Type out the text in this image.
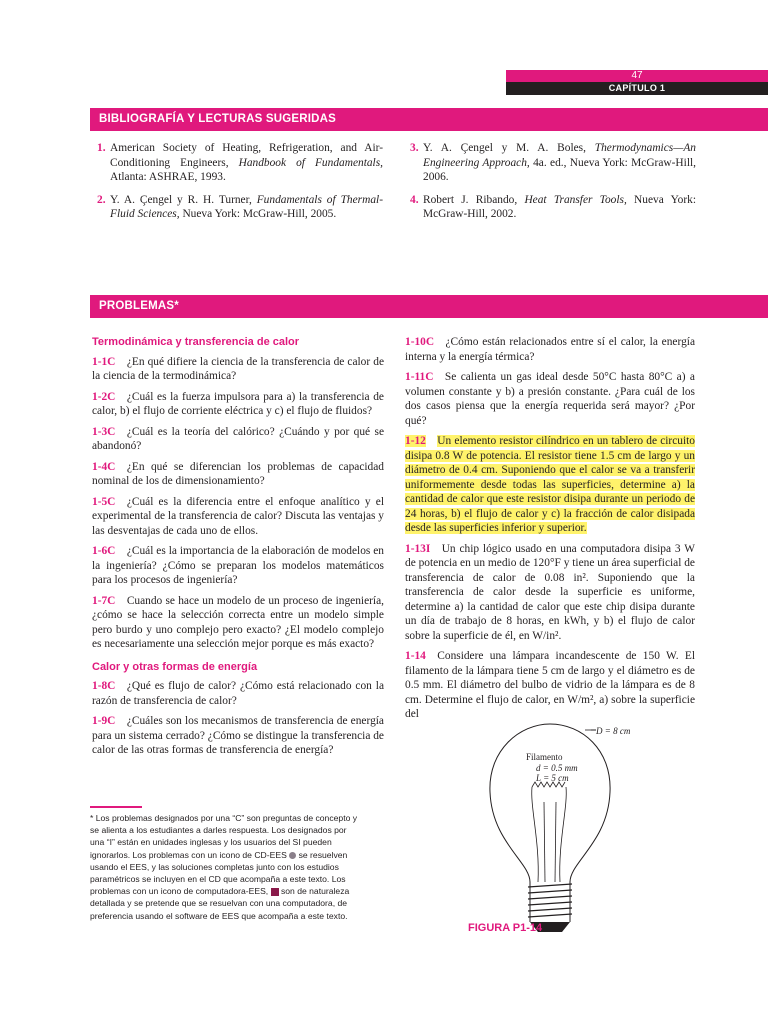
47
CAPÍTULO 1
BIBLIOGRAFÍA Y LECTURAS SUGERIDAS
1. American Society of Heating, Refrigeration, and Air-Conditioning Engineers, Handbook of Fundamentals, Atlanta: ASHRAE, 1993.
2. Y. A. Çengel y R. H. Turner, Fundamentals of Thermal-Fluid Sciences, Nueva York: McGraw-Hill, 2005.
3. Y. A. Çengel y M. A. Boles, Thermodynamics—An Engineering Approach, 4a. ed., Nueva York: McGraw-Hill, 2006.
4. Robert J. Ribando, Heat Transfer Tools, Nueva York: McGraw-Hill, 2002.
PROBLEMAS*
Termodinámica y transferencia de calor
1-1C  ¿En qué difiere la ciencia de la transferencia de calor de la ciencia de la termodinámica?
1-2C  ¿Cuál es la fuerza impulsora para a) la transferencia de calor, b) el flujo de corriente eléctrica y c) el flujo de fluidos?
1-3C  ¿Cuál es la teoría del calórico? ¿Cuándo y por qué se abandonó?
1-4C  ¿En qué se diferencian los problemas de capacidad nominal de los de dimensionamiento?
1-5C  ¿Cuál es la diferencia entre el enfoque analítico y el experimental de la transferencia de calor? Discuta las ventajas y las desventajas de cada uno de ellos.
1-6C  ¿Cuál es la importancia de la elaboración de modelos en la ingeniería? ¿Cómo se preparan los modelos matemáticos para los procesos de ingeniería?
1-7C  Cuando se hace un modelo de un proceso de ingeniería, ¿cómo se hace la selección correcta entre un modelo simple pero burdo y uno complejo pero exacto? ¿El modelo complejo es necesariamente una selección mejor porque es más exacto?
Calor y otras formas de energía
1-8C  ¿Qué es flujo de calor? ¿Cómo está relacionado con la razón de transferencia de calor?
1-9C  ¿Cuáles son los mecanismos de transferencia de energía para un sistema cerrado? ¿Cómo se distingue la transferencia de calor de las otras formas de transferencia de energía?
1-10C  ¿Cómo están relacionados entre sí el calor, la energía interna y la energía térmica?
1-11C  Se calienta un gas ideal desde 50°C hasta 80°C a) a volumen constante y b) a presión constante. ¿Para cuál de los dos casos piensa que la energía requerida será mayor? ¿Por qué?
1-12  Un elemento resistor cilíndrico en un tablero de circuito disipa 0.8 W de potencia. El resistor tiene 1.5 cm de largo y un diámetro de 0.4 cm. Suponiendo que el calor se va a transferir uniformemente desde todas las superficies, determine a) la cantidad de calor que este resistor disipa durante un periodo de 24 horas, b) el flujo de calor y c) la fracción de calor disipada desde las superficies inferior y superior.
1-13I  Un chip lógico usado en una computadora disipa 3 W de potencia en un medio de 120°F y tiene un área superficial de transferencia de calor de 0.08 in². Suponiendo que la transferencia de calor desde la superficie es uniforme, determine a) la cantidad de calor que este chip disipa durante un día de trabajo de 8 horas, en kWh, y b) el flujo de calor sobre la superficie de él, en W/in².
1-14  Considere una lámpara incandescente de 150 W. El filamento de la lámpara tiene 5 cm de largo y el diámetro es de 0.5 mm. El diámetro del bulbo de vidrio de la lámpara es de 8 cm. Determine el flujo de calor, en W/m², a) sobre la superficie del
* Los problemas designados por una “C” son preguntas de concepto y se alienta a los estudiantes a darles respuesta. Los designados por una “I” están en unidades inglesas y los usuarios del SI pueden ignorarlos. Los problemas con un icono de CD-EES  se resuelven usando el EES, y las soluciones completas junto con los estudios paramétricos se incluyen en el CD que acompaña a este texto. Los problemas con un icono de computadora-EES,  son de naturaleza detallada y se pretende que se resuelvan con una computadora, de preferencia usando el software de EES que acompaña a este texto.
D = 8 cm
Filamento
d = 0.5 mm
L = 5 cm
FIGURA P1-14
